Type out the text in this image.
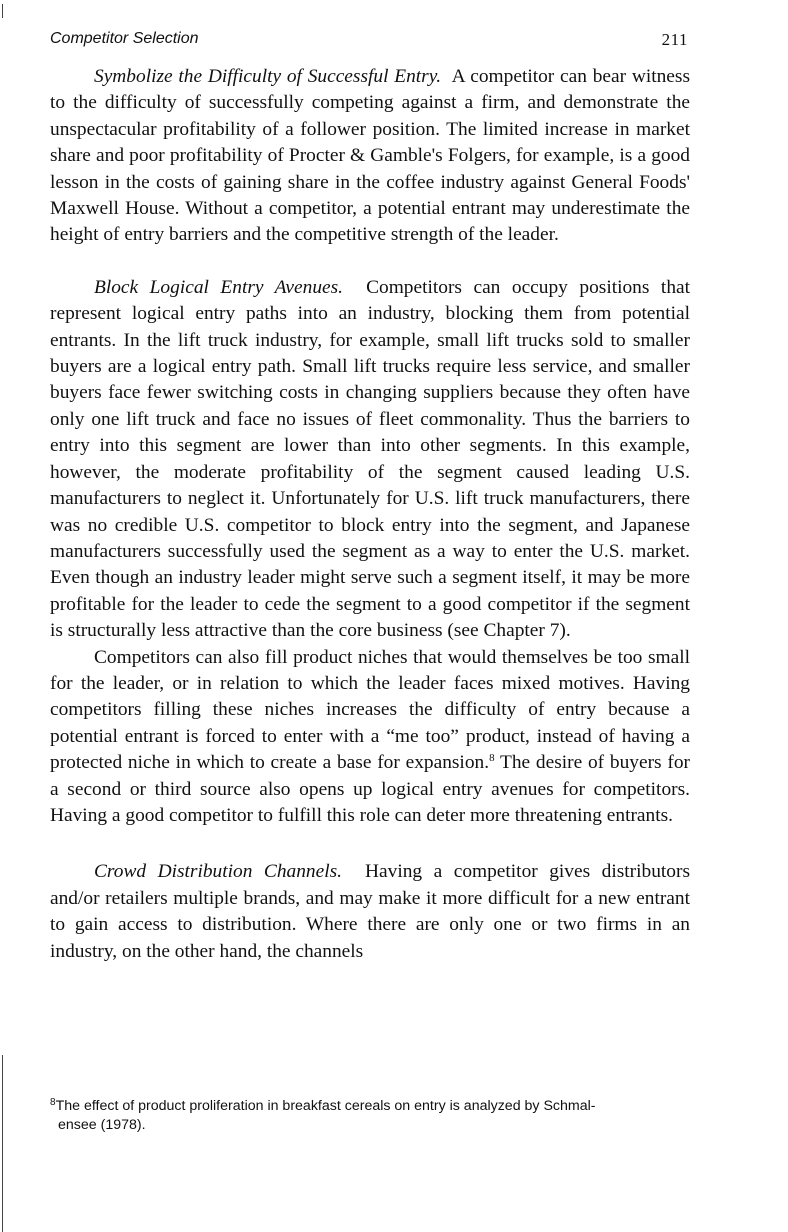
Competitor Selection	211

Symbolize the Difficulty of Successful Entry. A competitor can bear witness to the difficulty of successfully competing against a firm, and demonstrate the unspectacular profitability of a follower position. The limited increase in market share and poor profitability of Procter & Gamble's Folgers, for example, is a good lesson in the costs of gaining share in the coffee industry against General Foods' Maxwell House. Without a competitor, a potential entrant may underestimate the height of entry barriers and the competitive strength of the leader.

Block Logical Entry Avenues. Competitors can occupy positions that represent logical entry paths into an industry, blocking them from potential entrants. In the lift truck industry, for example, small lift trucks sold to smaller buyers are a logical entry path. Small lift trucks require less service, and smaller buyers face fewer switching costs in changing suppliers because they often have only one lift truck and face no issues of fleet commonality. Thus the barriers to entry into this segment are lower than into other segments. In this example, however, the moderate profitability of the segment caused leading U.S. manufacturers to neglect it. Unfortunately for U.S. lift truck manufacturers, there was no credible U.S. competitor to block entry into the segment, and Japanese manufacturers successfully used the segment as a way to enter the U.S. market. Even though an industry leader might serve such a segment itself, it may be more profitable for the leader to cede the segment to a good competitor if the segment is structurally less attractive than the core business (see Chapter 7).

Competitors can also fill product niches that would themselves be too small for the leader, or in relation to which the leader faces mixed motives. Having competitors filling these niches increases the difficulty of entry because a potential entrant is forced to enter with a “me too” product, instead of having a protected niche in which to create a base for expansion.$^8$ The desire of buyers for a second or third source also opens up logical entry avenues for competitors. Having a good competitor to fulfill this role can deter more threatening entrants.

Crowd Distribution Channels. Having a competitor gives distributors and/or retailers multiple brands, and may make it more difficult for a new entrant to gain access to distribution. Where there are only one or two firms in an industry, on the other hand, the channels

$^8$The effect of product proliferation in breakfast cereals on entry is analyzed by Schmal-
ensee (1978).
